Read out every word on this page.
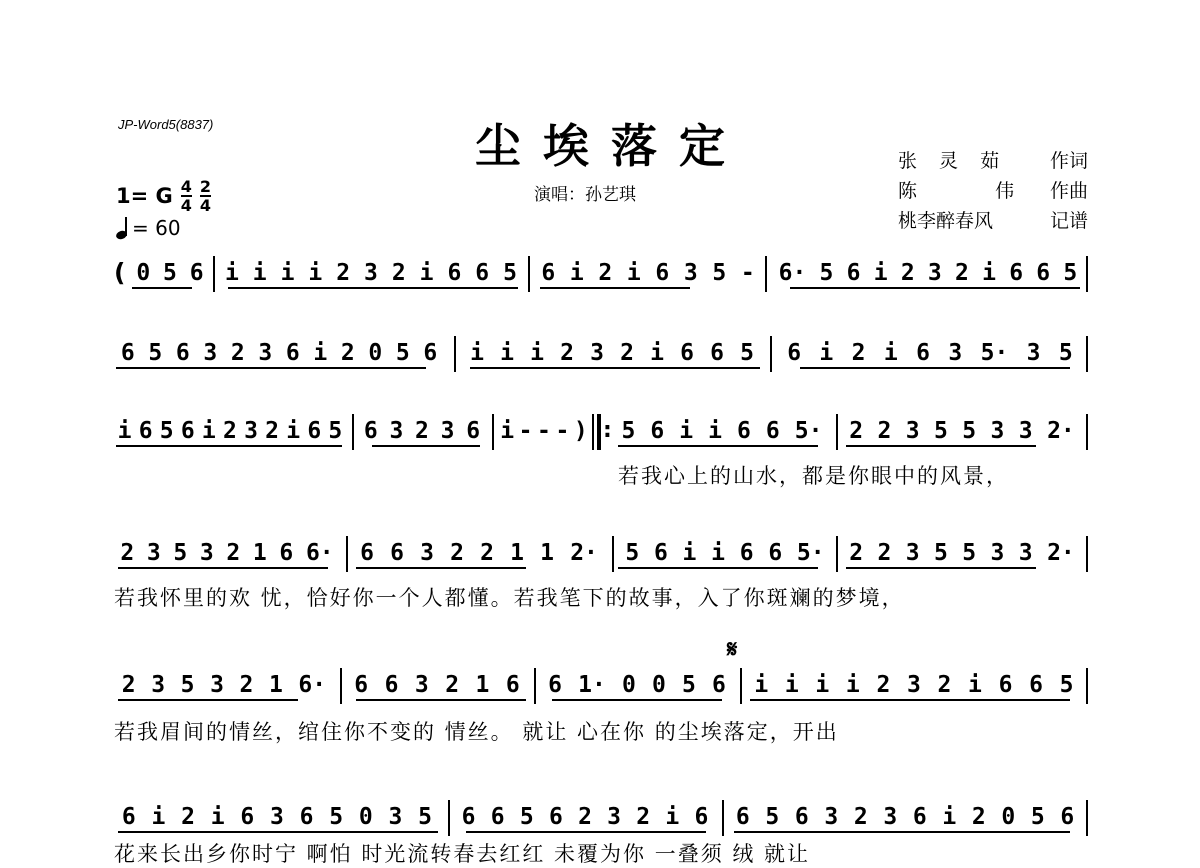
JP-Word5(8837)	尘埃落定
演唱：孙艺琪
张 灵 茹 作词
陈  伟 作曲
桃李醉春风	记谱
1= G $\frac{4}{4} \frac{2}{4}$
= 60
( 0 5 6 i i i i 2 3 2 i 6 6 5 6 i 2 i 6 3 5 - 6· 5 6 i 2 3 2 i 6 6 5
6 5 6 3 2 3 6 i 2 0 5 6 i i i 2 3 2 i 6 6 5 6 i 2 i 6 3 5· 3 5
i 6 5 6 i 2 3 2 i 6 5 6 3 2 3 6 i - - - ) : 5 6 i i 6 6 5· 2 2 3 5 5 3 3 2·
若我心上的山水，都是你眼中的风景，
2 3 5 3 2 1 6 6· 6 6 3 2 2 1 1 2· 5 6 i i 6 6 5· 2 2 3 5 5 3 3 2·
若我怀里的欢 忧，恰好你一个人都懂。若我笔下的故事，入了你斑斓的梦境，
𝄋
2 3 5 3 2 1 6· 6 6 3 2 1 6 6 1· 0 0 5 6 i i i i 2 3 2 i 6 6 5
若我眉间的情丝，绾住你不变的 情丝。 就让 心在你 的尘埃落定，开出
6 i 2 i 6 3 6 5 0 3 5 6 6 5 6 2 3 2 i 6 6 5 6 3 2 3 6 i 2 0 5 6
花来长出乡你时宁 啊怕 时光流转春去红红 未覆为你 一叠须 绒 就让
